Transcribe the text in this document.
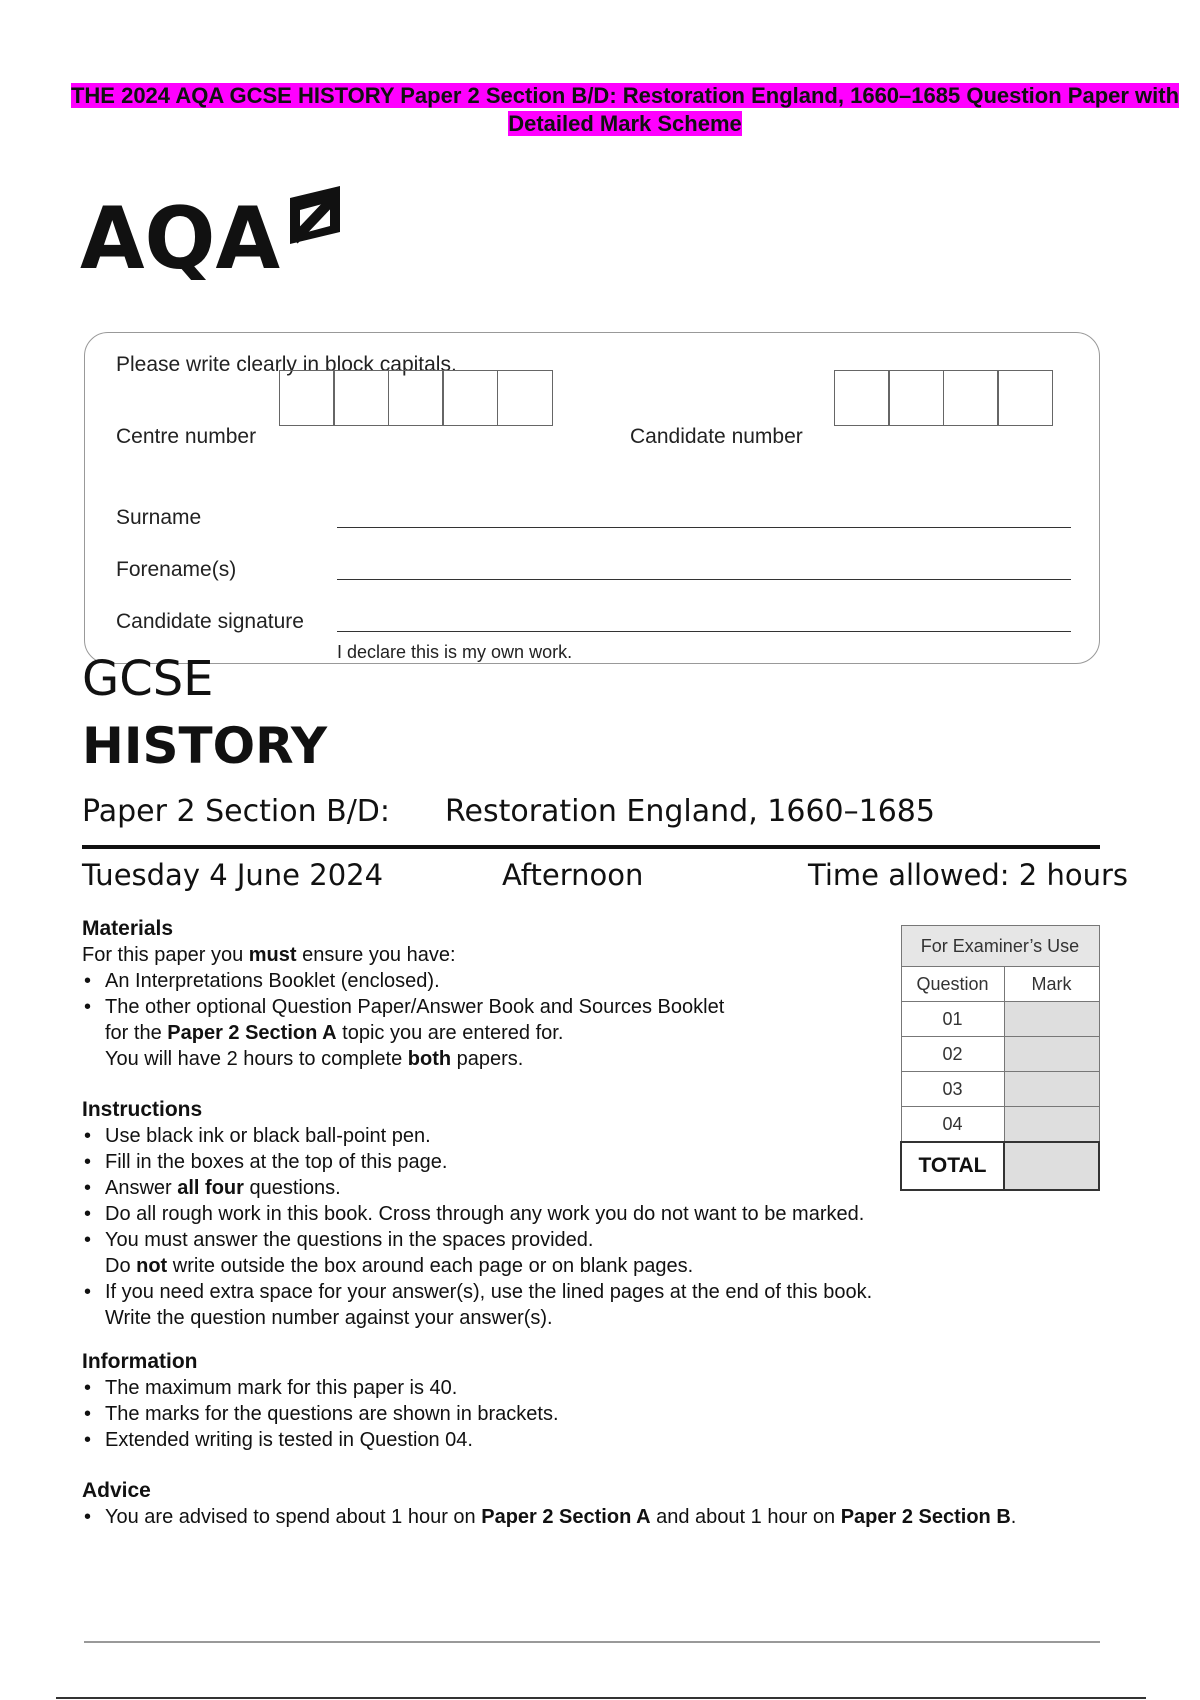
THE 2024 AQA GCSE HISTORY Paper 2 Section B/D: Restoration England, 1660–1685 Question Paper with Detailed Mark Scheme
AQA
Please write clearly in block capitals.
Centre number	Candidate number
Surname
Forename(s)
Candidate signature
I declare this is my own work.
GCSE
HISTORY
Paper 2 Section B/D: Restoration England, 1660–1685
Tuesday 4 June 2024	Afternoon	Time allowed: 2 hours
Materials
For this paper you must ensure you have:
• An Interpretations Booklet (enclosed).
• The other optional Question Paper/Answer Book and Sources Booklet
for the Paper 2 Section A topic you are entered for.
You will have 2 hours to complete both papers.
Instructions
• Use black ink or black ball-point pen.
• Fill in the boxes at the top of this page.
• Answer all four questions.
• Do all rough work in this book. Cross through any work you do not want to be marked.
• You must answer the questions in the spaces provided.
Do not write outside the box around each page or on blank pages.
• If you need extra space for your answer(s), use the lined pages at the end of this book.
Write the question number against your answer(s).
Information
• The maximum mark for this paper is 40.
• The marks for the questions are shown in brackets.
• Extended writing is tested in Question 04.
Advice
• You are advised to spend about 1 hour on Paper 2 Section A and about 1 hour on Paper 2 Section B.
For Examiner’s Use	
Question	Mark
01	
02	
03	
04	
TOTAL	
